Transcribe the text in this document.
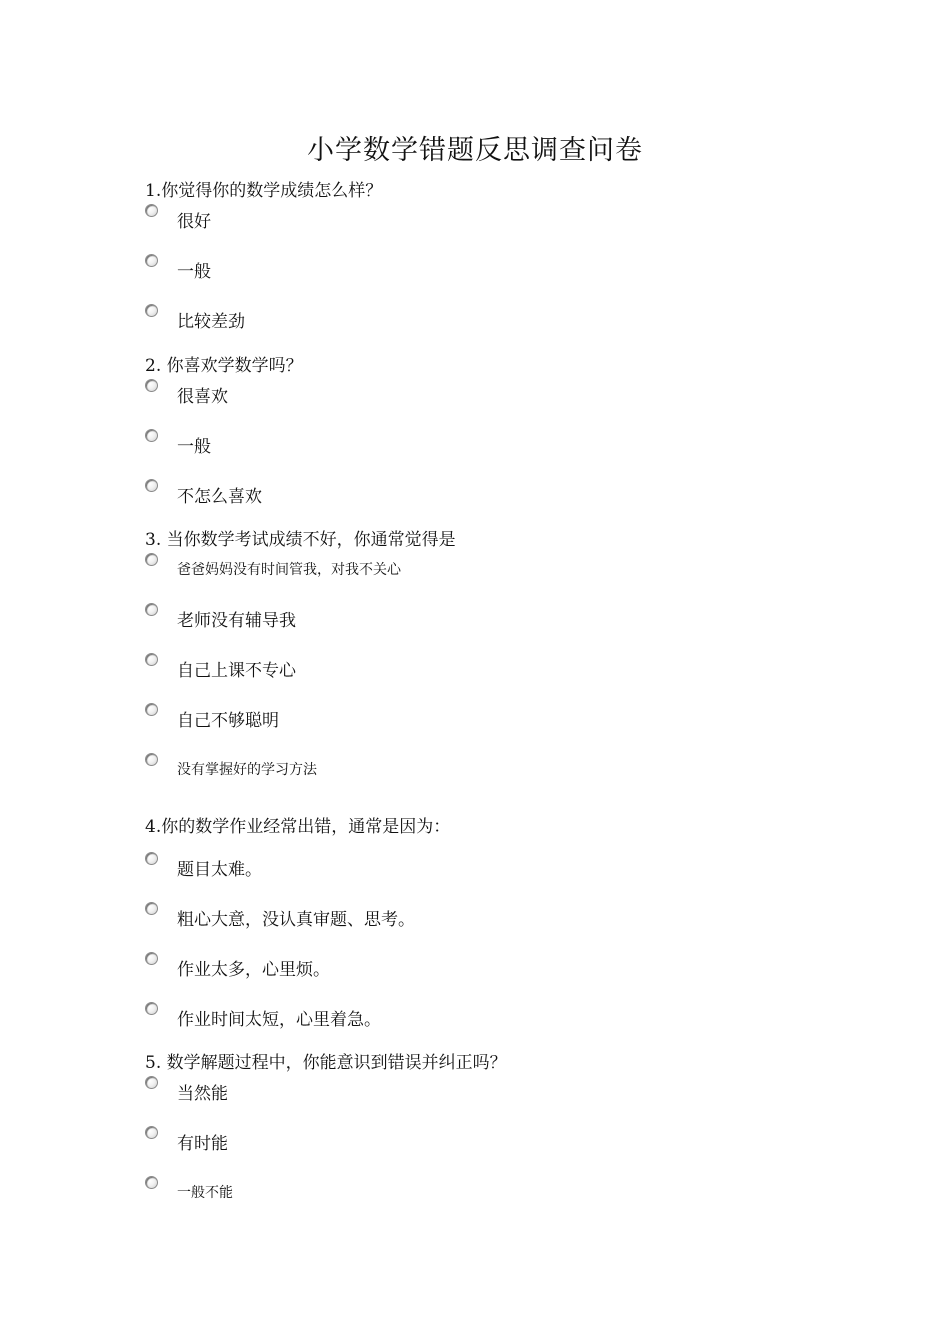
小学数学错题反思调查问卷
1.你觉得你的数学成绩怎么样？
很好
一般
比较差劲
2. 你喜欢学数学吗？
很喜欢
一般
不怎么喜欢
3. 当你数学考试成绩不好，你通常觉得是
爸爸妈妈没有时间管我，对我不关心
老师没有辅导我
自己上课不专心
自己不够聪明
没有掌握好的学习方法
4.你的数学作业经常出错，通常是因为：
题目太难。
粗心大意，没认真审题、思考。
作业太多，心里烦。
作业时间太短，心里着急。
5. 数学解题过程中，你能意识到错误并纠正吗？
当然能
有时能
一般不能
